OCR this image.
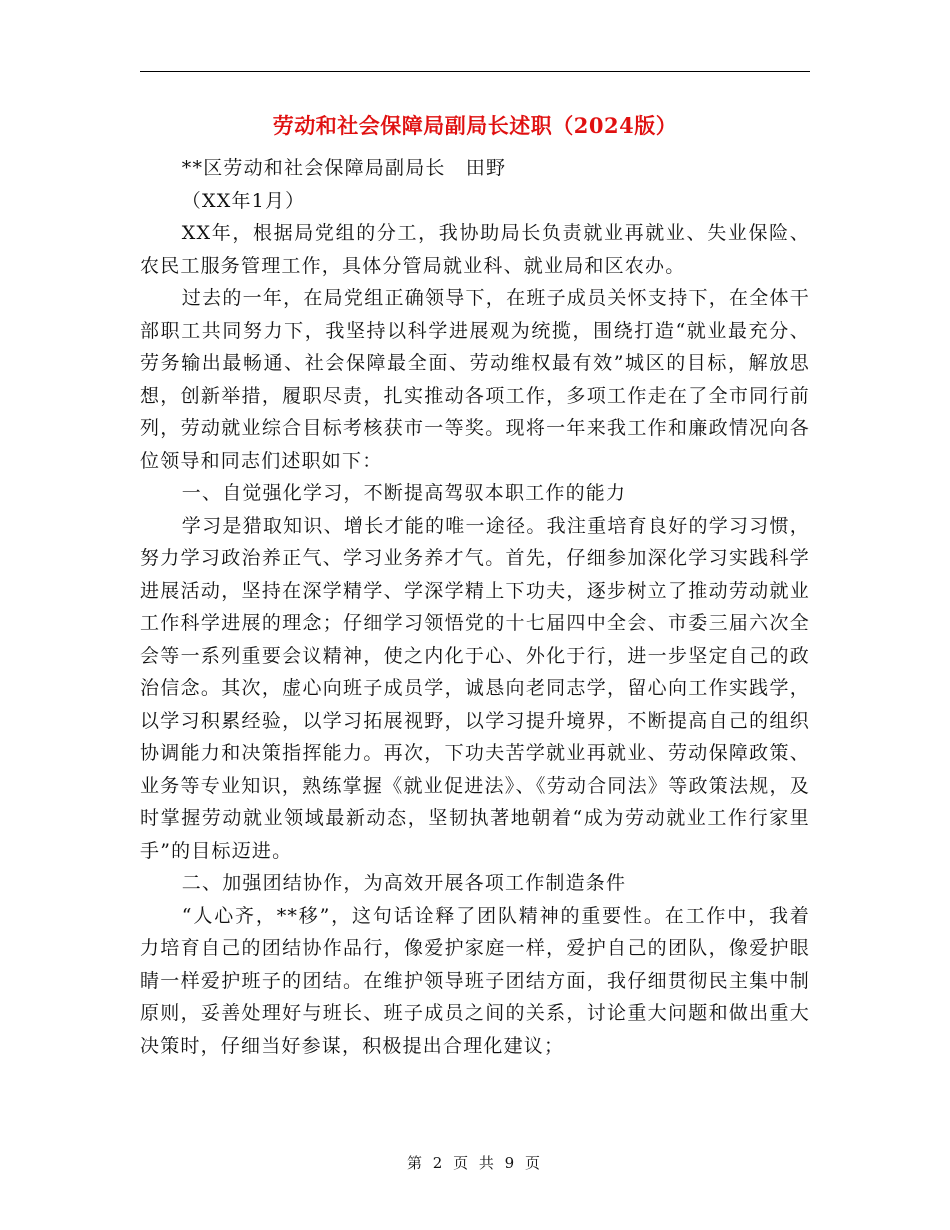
劳动和社会保障局副局长述职（2024版）

**区劳动和社会保障局副局长　田野

（XX年1月）

XX年，根据局党组的分工，我协助局长负责就业再就业、失业保险、农民工服务管理工作，具体分管局就业科、就业局和区农办。

过去的一年，在局党组正确领导下，在班子成员关怀支持下，在全体干部职工共同努力下，我坚持以科学进展观为统揽，围绕打造“就业最充分、劳务输出最畅通、社会保障最全面、劳动维权最有效”城区的目标，解放思想，创新举措，履职尽责，扎实推动各项工作，多项工作走在了全市同行前列，劳动就业综合目标考核获市一等奖。现将一年来我工作和廉政情况向各位领导和同志们述职如下：

一、自觉强化学习，不断提高驾驭本职工作的能力

学习是猎取知识、增长才能的唯一途径。我注重培育良好的学习习惯，努力学习政治养正气、学习业务养才气。首先，仔细参加深化学习实践科学进展活动，坚持在深学精学、学深学精上下功夫，逐步树立了推动劳动就业工作科学进展的理念；仔细学习领悟党的十七届四中全会、市委三届六次全会等一系列重要会议精神，使之内化于心、外化于行，进一步坚定自己的政治信念。其次，虚心向班子成员学，诚恳向老同志学，留心向工作实践学，以学习积累经验，以学习拓展视野，以学习提升境界，不断提高自己的组织协调能力和决策指挥能力。再次，下功夫苦学就业再就业、劳动保障政策、业务等专业知识，熟练掌握《就业促进法》、《劳动合同法》等政策法规，及时掌握劳动就业领域最新动态，坚韧执著地朝着“成为劳动就业工作行家里手”的目标迈进。

二、加强团结协作，为高效开展各项工作制造条件

“人心齐，**移”，这句话诠释了团队精神的重要性。在工作中，我着力培育自己的团结协作品行，像爱护家庭一样，爱护自己的团队，像爱护眼睛一样爱护班子的团结。在维护领导班子团结方面，我仔细贯彻民主集中制原则，妥善处理好与班长、班子成员之间的关系，讨论重大问题和做出重大决策时，仔细当好参谋，积极提出合理化建议；

第 2 页 共 9 页
